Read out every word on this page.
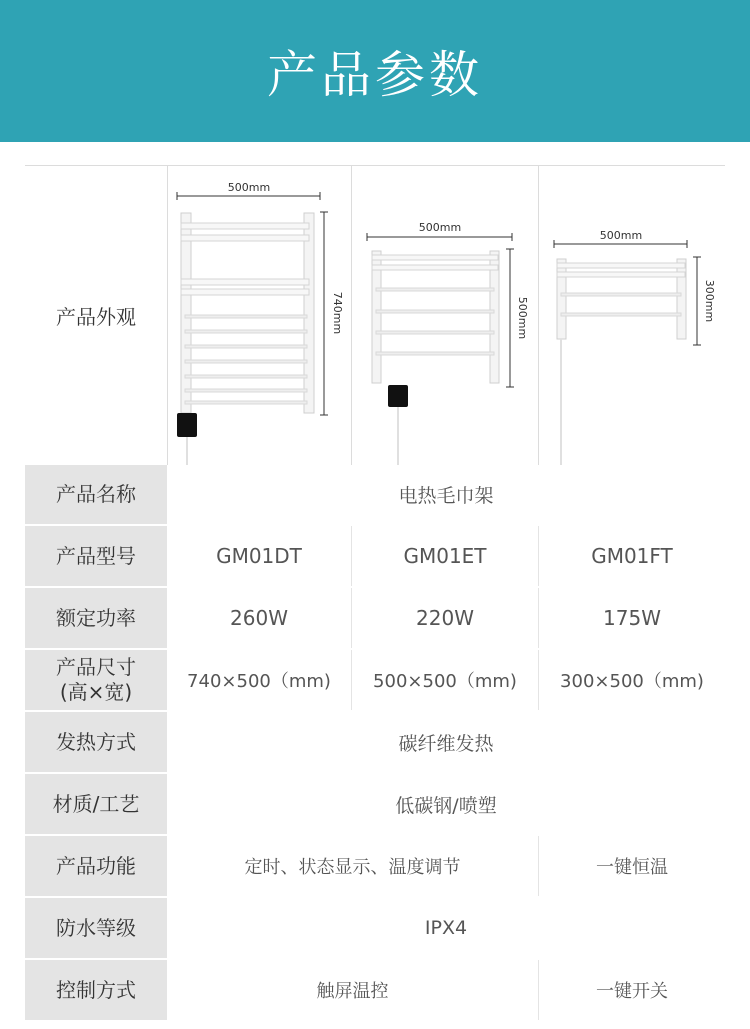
产品参数
产品外观
500mm
740mm
500mm
500mm
500mm
300mm
产品名称	电热毛巾架
产品型号	GM01DT	GM01ET	GM01FT
额定功率	260W	220W	175W
产品尺寸
(高×宽)	740×500（mm)	500×500（mm)	300×500（mm)
发热方式	碳纤维发热
材质/工艺	低碳钢/喷塑
产品功能	定时、状态显示、温度调节	一键恒温
防水等级	IPX4
控制方式	触屏温控	一键开关
